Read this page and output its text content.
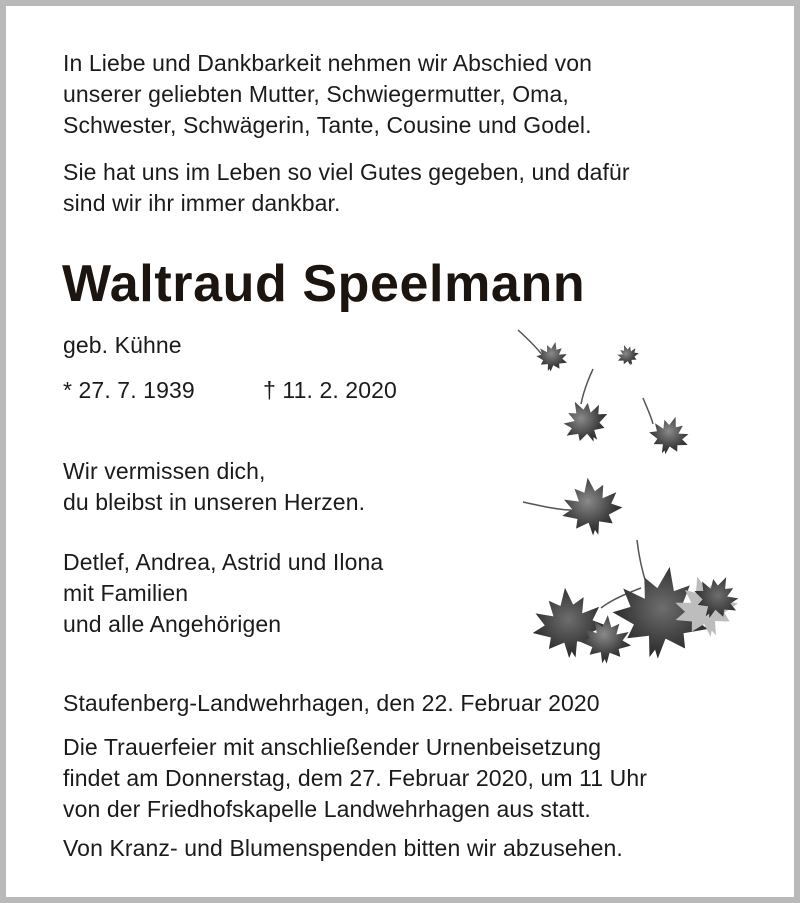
In Liebe und Dankbarkeit nehmen wir Abschied von
unserer geliebten Mutter, Schwiegermutter, Oma,
Schwester, Schwägerin, Tante, Cousine und Godel.
Sie hat uns im Leben so viel Gutes gegeben, und dafür
sind wir ihr immer dankbar.
Waltraud Speelmann
geb. Kühne
* 27. 7. 1939	† 11. 2. 2020
Wir vermissen dich,
du bleibst in unseren Herzen.
Detlef, Andrea, Astrid und Ilona
mit Familien
und alle Angehörigen
Staufenberg-Landwehrhagen, den 22. Februar 2020
Die Trauerfeier mit anschließender Urnenbeisetzung
findet am Donnerstag, dem 27. Februar 2020, um 11 Uhr
von der Friedhofskapelle Landwehrhagen aus statt.
Von Kranz- und Blumenspenden bitten wir abzusehen.
